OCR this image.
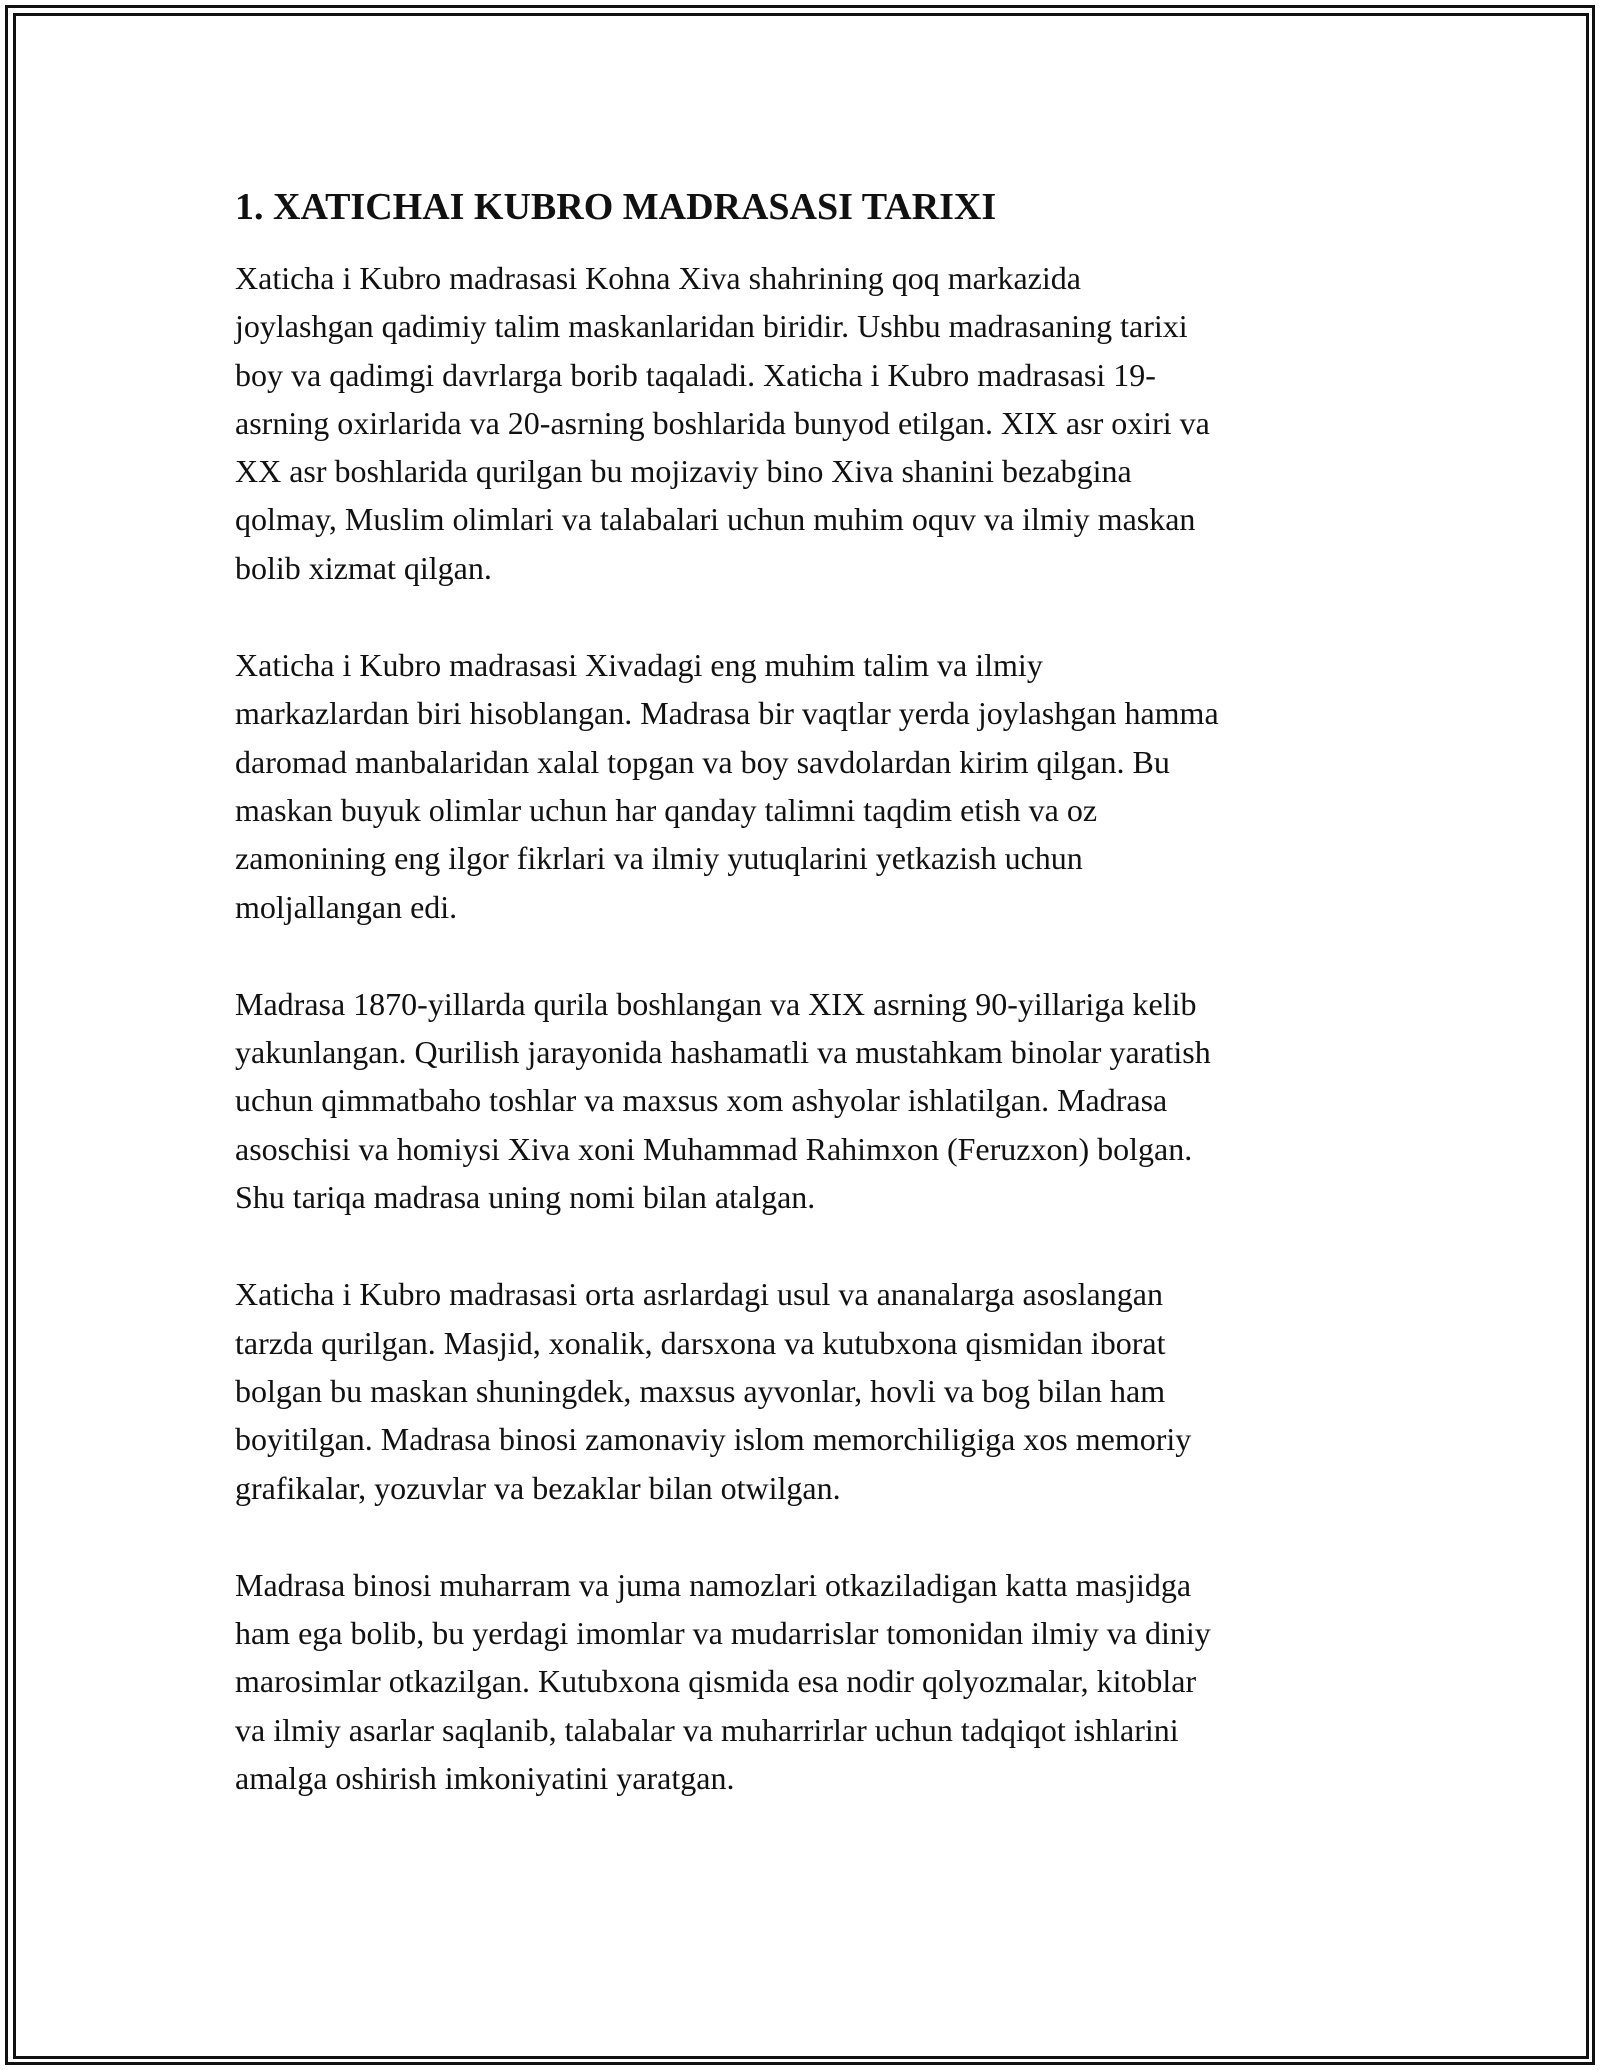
1. XATICHAI KUBRO MADRASASI TARIXI
Xaticha i Kubro madrasasi Kohna Xiva shahrining qoq markazida
joylashgan qadimiy talim maskanlaridan biridir. Ushbu madrasaning tarixi
boy va qadimgi davrlarga borib taqaladi. Xaticha i Kubro madrasasi 19-
asrning oxirlarida va 20-asrning boshlarida bunyod etilgan. XIX asr oxiri va
XX asr boshlarida qurilgan bu mojizaviy bino Xiva shanini bezabgina
qolmay, Muslim olimlari va talabalari uchun muhim oquv va ilmiy maskan
bolib xizmat qilgan.
Xaticha i Kubro madrasasi Xivadagi eng muhim talim va ilmiy
markazlardan biri hisoblangan. Madrasa bir vaqtlar yerda joylashgan hamma
daromad manbalaridan xalal topgan va boy savdolardan kirim qilgan. Bu
maskan buyuk olimlar uchun har qanday talimni taqdim etish va oz
zamonining eng ilgor fikrlari va ilmiy yutuqlarini yetkazish uchun
moljallangan edi.
Madrasa 1870-yillarda qurila boshlangan va XIX asrning 90-yillariga kelib
yakunlangan. Qurilish jarayonida hashamatli va mustahkam binolar yaratish
uchun qimmatbaho toshlar va maxsus xom ashyolar ishlatilgan. Madrasa
asoschisi va homiysi Xiva xoni Muhammad Rahimxon (Feruzxon) bolgan.
Shu tariqa madrasa uning nomi bilan atalgan.
Xaticha i Kubro madrasasi orta asrlardagi usul va ananalarga asoslangan
tarzda qurilgan. Masjid, xonalik, darsxona va kutubxona qismidan iborat
bolgan bu maskan shuningdek, maxsus ayvonlar, hovli va bog bilan ham
boyitilgan. Madrasa binosi zamonaviy islom memorchiligiga xos memoriy
grafikalar, yozuvlar va bezaklar bilan otwilgan.
Madrasa binosi muharram va juma namozlari otkaziladigan katta masjidga
ham ega bolib, bu yerdagi imomlar va mudarrislar tomonidan ilmiy va diniy
marosimlar otkazilgan. Kutubxona qismida esa nodir qolyozmalar, kitoblar
va ilmiy asarlar saqlanib, talabalar va muharrirlar uchun tadqiqot ishlarini
amalga oshirish imkoniyatini yaratgan.
